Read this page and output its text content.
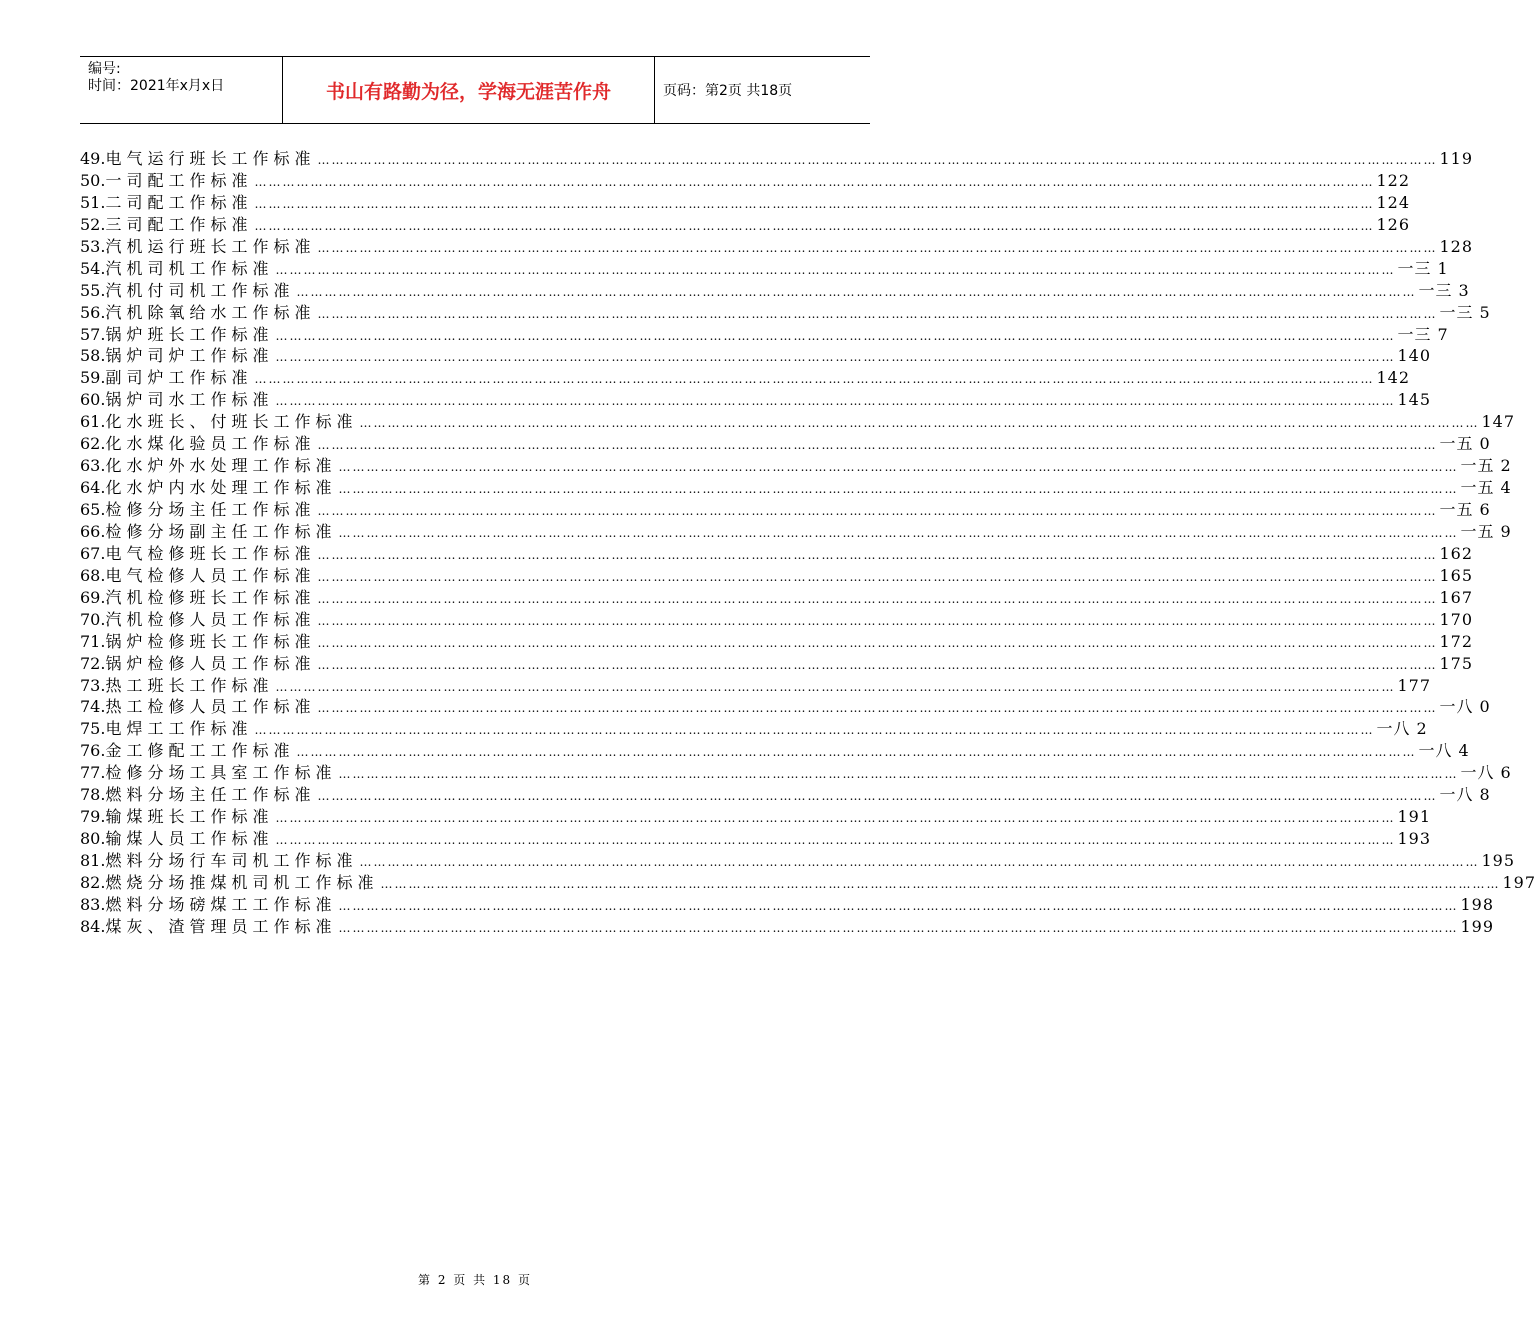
编号:
时间：2021年x月x日	书山有路勤为径，学海无涯苦作舟	页码：第2页 共18页
49. 电气运行班长工作标准 …………………………………………………………………………………………………………………………………………………………………………………………………………………… 119
50. 一司配工作标准 …………………………………………………………………………………………………………………………………………………………………………………………………………………… 122
51. 二司配工作标准 …………………………………………………………………………………………………………………………………………………………………………………………………………………… 124
52. 三司配工作标准 …………………………………………………………………………………………………………………………………………………………………………………………………………………… 126
53. 汽机运行班长工作标准 …………………………………………………………………………………………………………………………………………………………………………………………………………………… 128
54. 汽机司机工作标准 …………………………………………………………………………………………………………………………………………………………………………………………………………………… 一三 1
55. 汽机付司机工作标准 …………………………………………………………………………………………………………………………………………………………………………………………………………………… 一三 3
56. 汽机除氧给水工作标准 …………………………………………………………………………………………………………………………………………………………………………………………………………………… 一三 5
57. 锅炉班长工作标准 …………………………………………………………………………………………………………………………………………………………………………………………………………………… 一三 7
58. 锅炉司炉工作标准 …………………………………………………………………………………………………………………………………………………………………………………………………………………… 140
59. 副司炉工作标准 …………………………………………………………………………………………………………………………………………………………………………………………………………………… 142
60. 锅炉司水工作标准 …………………………………………………………………………………………………………………………………………………………………………………………………………………… 145
61. 化水班长、付班长工作标准 …………………………………………………………………………………………………………………………………………………………………………………………………………………… 147
62. 化水煤化验员工作标准 …………………………………………………………………………………………………………………………………………………………………………………………………………………… 一五 0
63. 化水炉外水处理工作标准 …………………………………………………………………………………………………………………………………………………………………………………………………………………… 一五 2
64. 化水炉内水处理工作标准 …………………………………………………………………………………………………………………………………………………………………………………………………………………… 一五 4
65. 检修分场主任工作标准 …………………………………………………………………………………………………………………………………………………………………………………………………………………… 一五 6
66. 检修分场副主任工作标准 …………………………………………………………………………………………………………………………………………………………………………………………………………………… 一五 9
67. 电气检修班长工作标准 …………………………………………………………………………………………………………………………………………………………………………………………………………………… 162
68. 电气检修人员工作标准 …………………………………………………………………………………………………………………………………………………………………………………………………………………… 165
69. 汽机检修班长工作标准 …………………………………………………………………………………………………………………………………………………………………………………………………………………… 167
70. 汽机检修人员工作标准 …………………………………………………………………………………………………………………………………………………………………………………………………………………… 170
71. 锅炉检修班长工作标准 …………………………………………………………………………………………………………………………………………………………………………………………………………………… 172
72. 锅炉检修人员工作标准 …………………………………………………………………………………………………………………………………………………………………………………………………………………… 175
73. 热工班长工作标准 …………………………………………………………………………………………………………………………………………………………………………………………………………………… 177
74. 热工检修人员工作标准 …………………………………………………………………………………………………………………………………………………………………………………………………………………… 一八 0
75. 电焊工工作标准 …………………………………………………………………………………………………………………………………………………………………………………………………………………… 一八 2
76. 金工修配工工作标准 …………………………………………………………………………………………………………………………………………………………………………………………………………………… 一八 4
77. 检修分场工具室工作标准 …………………………………………………………………………………………………………………………………………………………………………………………………………………… 一八 6
78. 燃料分场主任工作标准 …………………………………………………………………………………………………………………………………………………………………………………………………………………… 一八 8
79. 输煤班长工作标准 …………………………………………………………………………………………………………………………………………………………………………………………………………………… 191
80. 输煤人员工作标准 …………………………………………………………………………………………………………………………………………………………………………………………………………………… 193
81. 燃料分场行车司机工作标准 …………………………………………………………………………………………………………………………………………………………………………………………………………………… 195
82. 燃烧分场推煤机司机工作标准 …………………………………………………………………………………………………………………………………………………………………………………………………………………… 197
83. 燃料分场磅煤工工作标准 …………………………………………………………………………………………………………………………………………………………………………………………………………………… 198
84. 煤灰、渣管理员工作标准 …………………………………………………………………………………………………………………………………………………………………………………………………………………… 199
第 2 页 共 18 页
